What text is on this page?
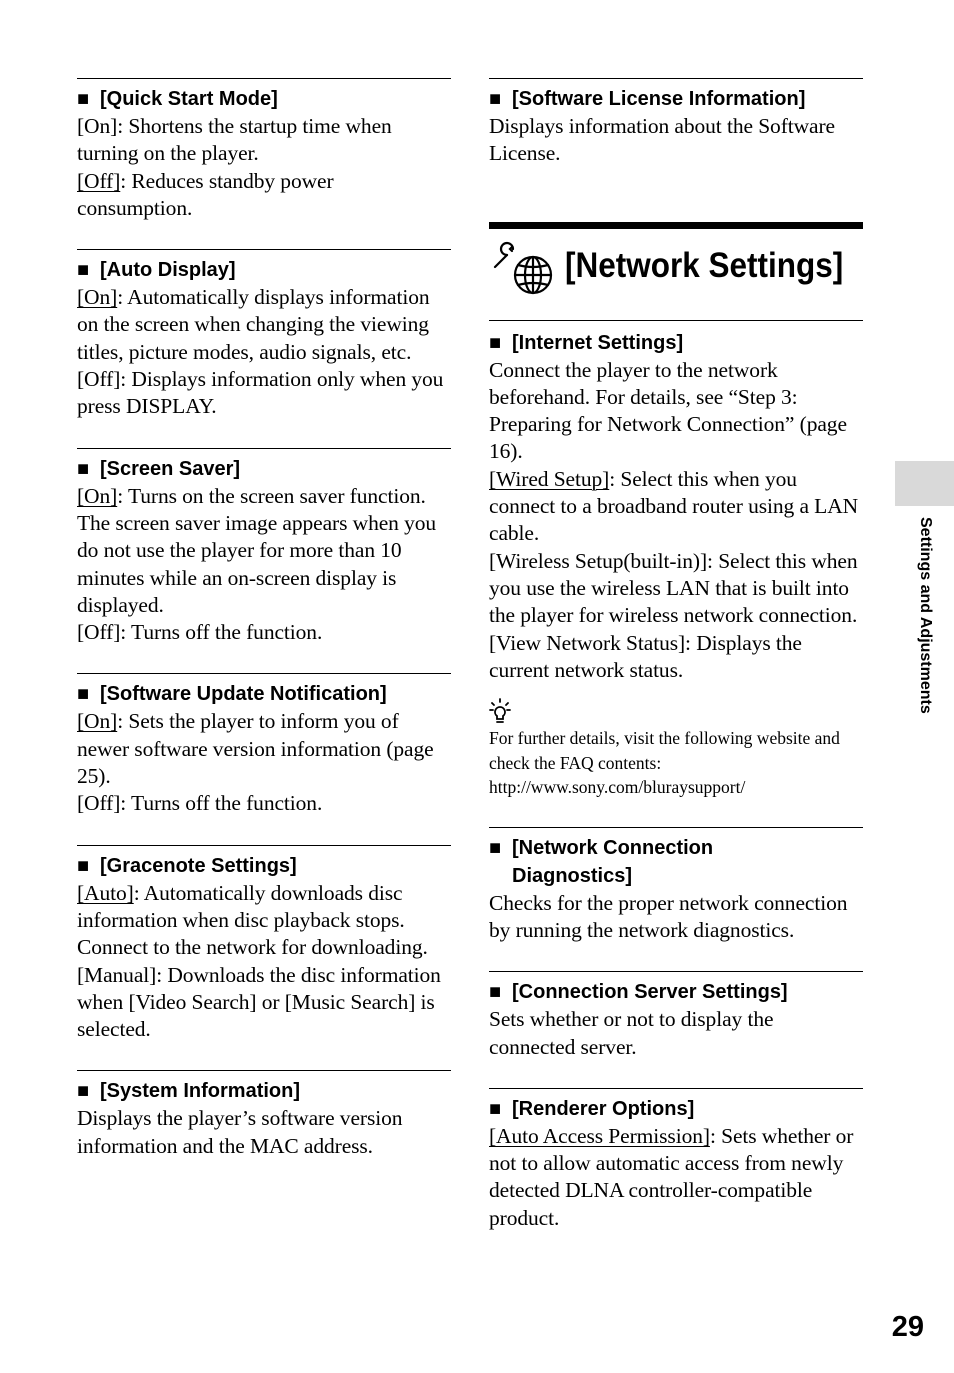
■ [Quick Start Mode]

[On]: Shortens the startup time when turning on the player.

[Off]: Reduces standby power consumption.

■ [Auto Display]

[On]: Automatically displays information on the screen when changing the viewing titles, picture modes, audio signals, etc.

[Off]: Displays information only when you press DISPLAY.

■ [Screen Saver]

[On]: Turns on the screen saver function. The screen saver image appears when you do not use the player for more than 10 minutes while an on-screen display is displayed.

[Off]: Turns off the function.

■ [Software Update Notification]

[On]: Sets the player to inform you of newer software version information (page 25).

[Off]: Turns off the function.

■ [Gracenote Settings]

[Auto]: Automatically downloads disc information when disc playback stops. Connect to the network for downloading.

[Manual]: Downloads the disc information when [Video Search] or [Music Search] is selected.

■ [System Information]

Displays the player’s software version information and the MAC address.

■ [Software License Information]

Displays information about the Software License.

[Network Settings]
■ [Internet Settings]

Connect the player to the network beforehand. For details, see “Step 3: Preparing for Network Connection” (page 16).

[Wired Setup]: Select this when you connect to a broadband router using a LAN cable.

[Wireless Setup(built-in)]: Select this when you use the wireless LAN that is built into the player for wireless network connection.

[View Network Status]: Displays the current network status.

For further details, visit the following website and check the FAQ contents:
http://www.sony.com/bluraysupport/

■ [Network Connection Diagnostics]

Checks for the proper network connection by running the network diagnostics.

■ [Connection Server Settings]

Sets whether or not to display the connected server.

■ [Renderer Options]

[Auto Access Permission]: Sets whether or not to allow automatic access from newly detected DLNA controller-compatible product.

Settings and Adjustments
29
